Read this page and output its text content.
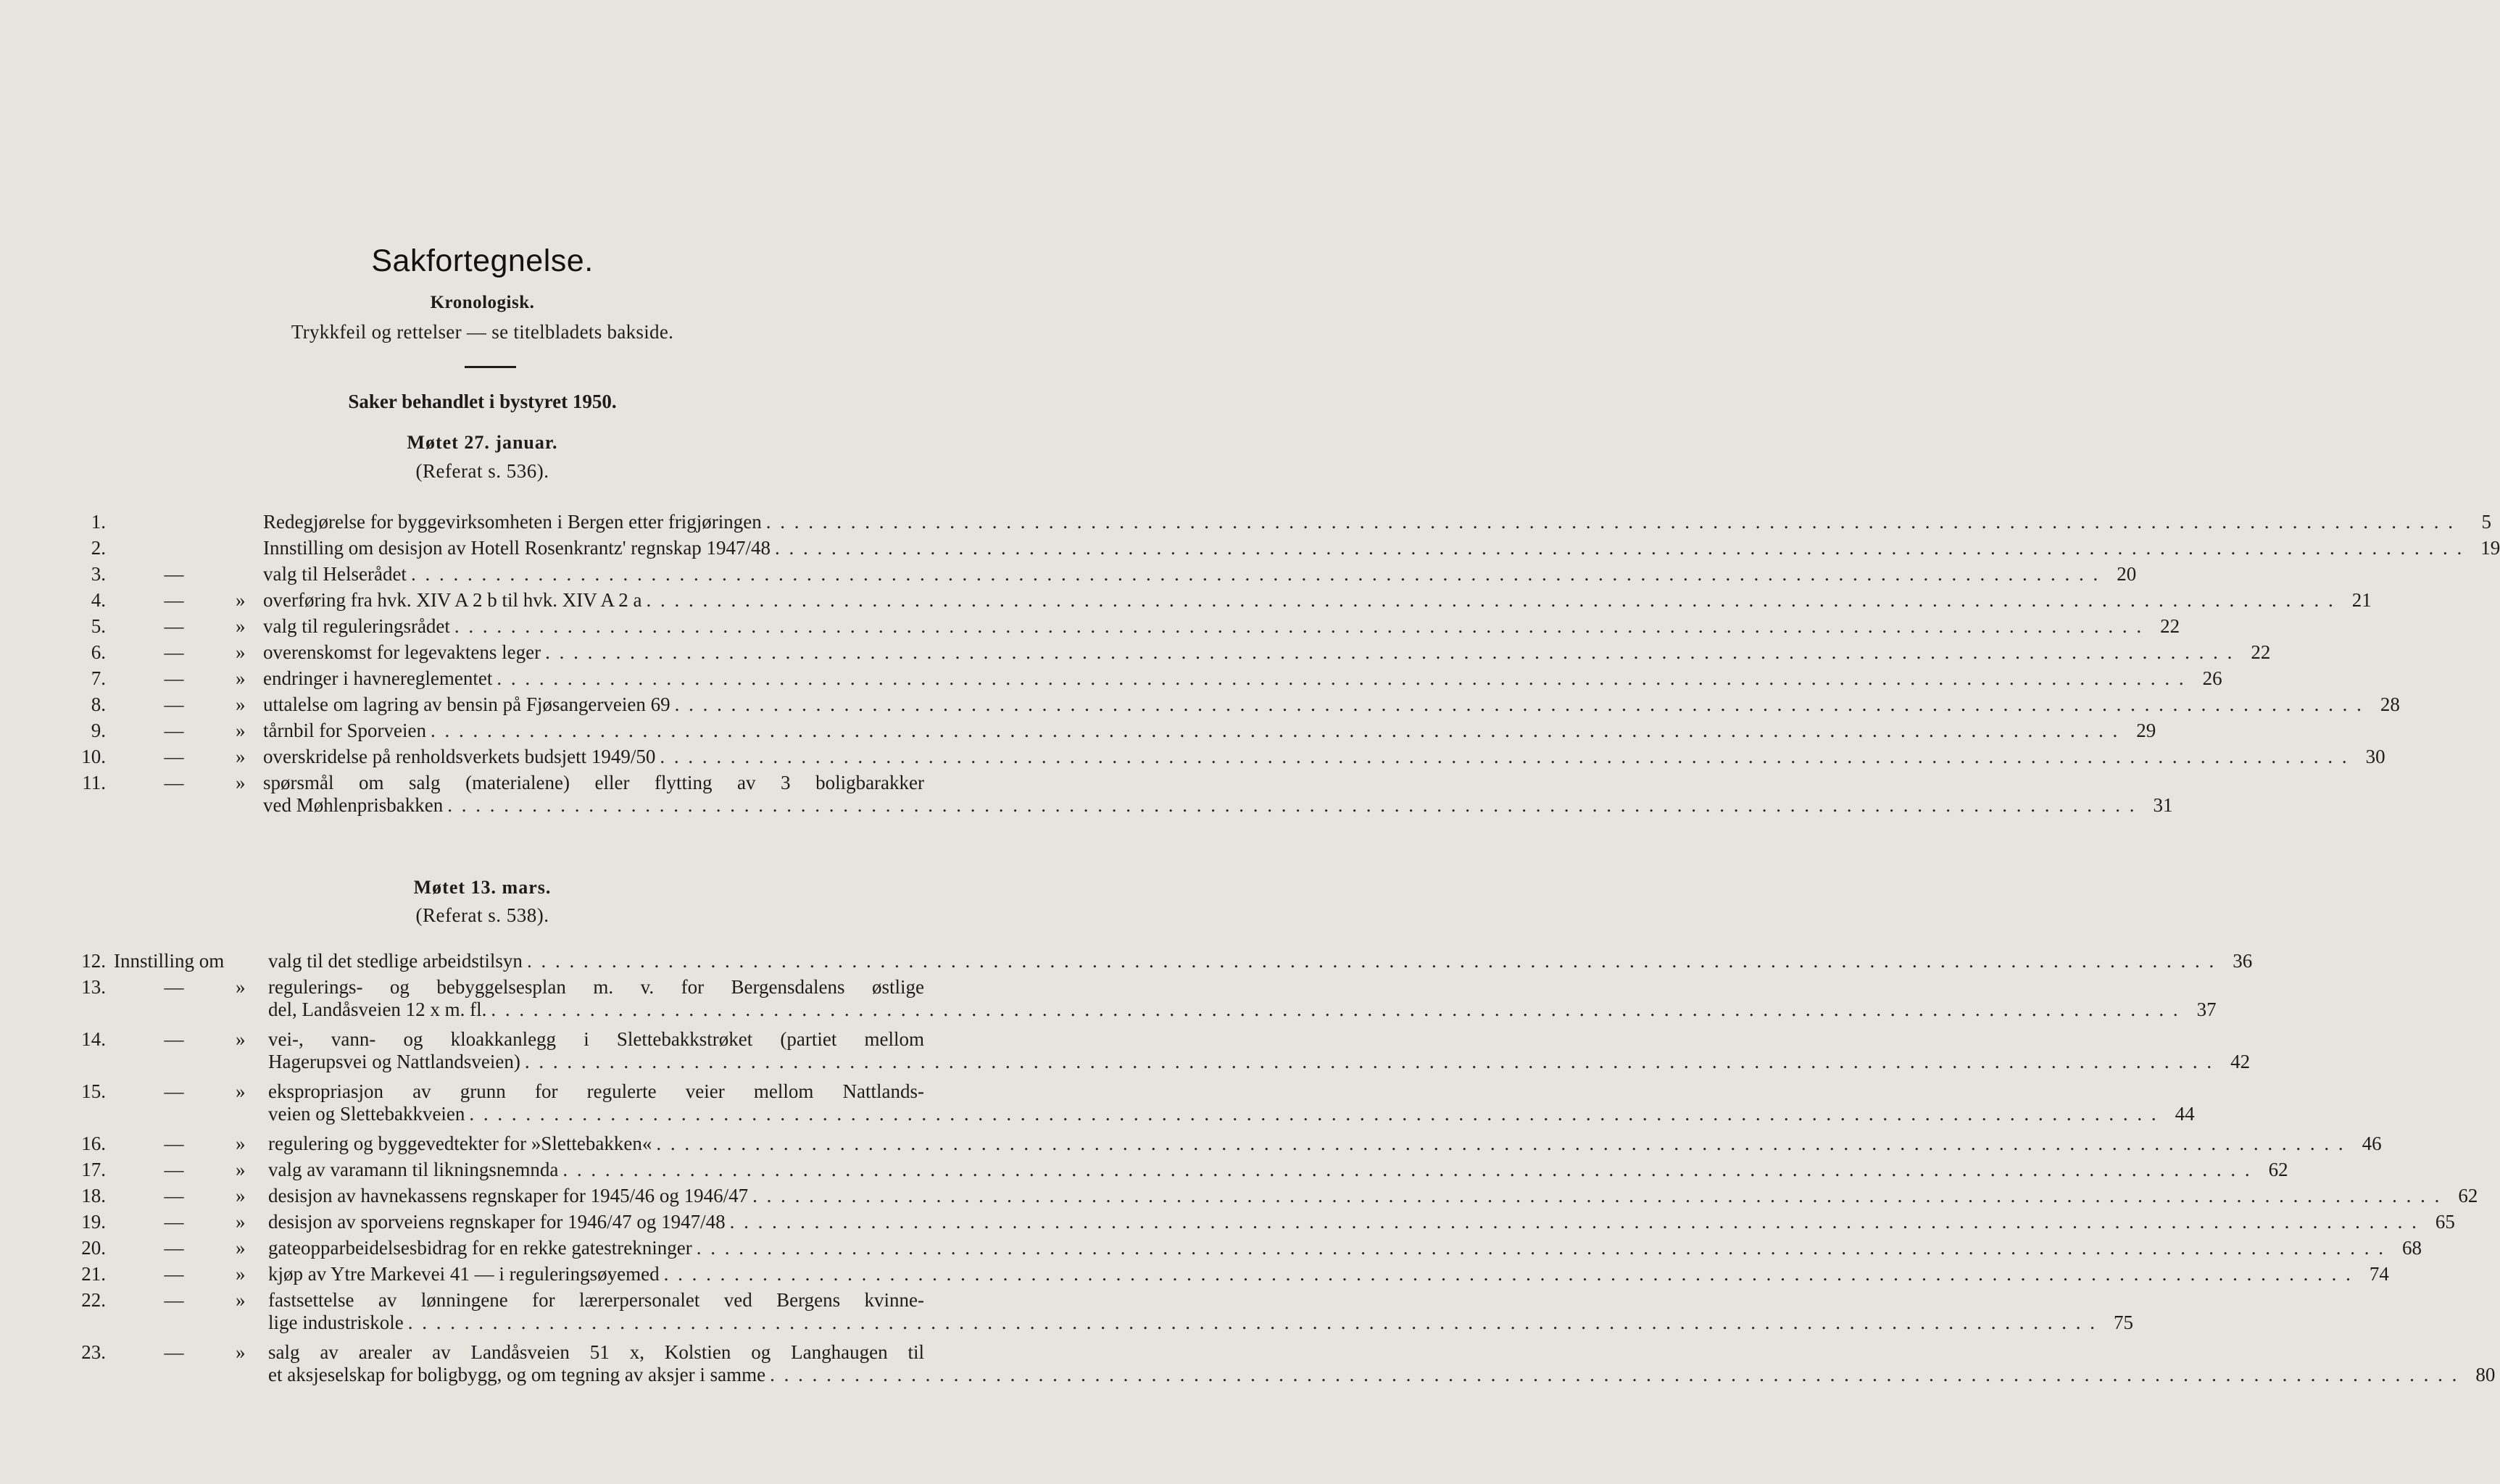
Sakfortegnelse.
Kronologisk.
Trykkfeil og rettelser — se titelbladets bakside.
Saker behandlet i bystyret 1950.
Møtet 27. januar.
(Referat s. 536).
Møtet 13. mars.
(Referat s. 538).
1.	Redegjørelse for byggevirksomheten i Bergen etter frigjøringen . . . . . . . . . . . . . . . . . . . . . . . . . . . . . . . . . . . . . . . . . . . . . . . . . . . . . . . . . . . . . . . . . . . . . . . . . . . . . . . . . . . . . . . . . . . . . . . . . . . . . . . . . . . . . . . . . . . . . . . .	5
2.	Innstilling om desisjon av Hotell Rosenkrantz' regnskap 1947/48 . . . . . . . . . . . . . . . . . . . . . . . . . . . . . . . . . . . . . . . . . . . . . . . . . . . . . . . . . . . . . . . . . . . . . . . . . . . . . . . . . . . . . . . . . . . . . . . . . . . . . . . . . . . . . . . . . . . . . . . . 19
3.	—	valg til Helserådet . . . . . . . . . . . . . . . . . . . . . . . . . . . . . . . . . . . . . . . . . . . . . . . . . . . . . . . . . . . . . . . . . . . . . . . . . . . . . . . . . . . . . . . . . . . . . . . . . . . . . . . . . . . . . . . . . . . . . . . . 20
4.	—	» overføring fra hvk. XIV A 2 b til hvk. XIV A 2 a . . . . . . . . . . . . . . . . . . . . . . . . . . . . . . . . . . . . . . . . . . . . . . . . . . . . . . . . . . . . . . . . . . . . . . . . . . . . . . . . . . . . . . . . . . . . . . . . . . . . . . . . . . . . . . . . . . . . . . . . 21
5.	—	» valg til reguleringsrådet . . . . . . . . . . . . . . . . . . . . . . . . . . . . . . . . . . . . . . . . . . . . . . . . . . . . . . . . . . . . . . . . . . . . . . . . . . . . . . . . . . . . . . . . . . . . . . . . . . . . . . . . . . . . . . . . . . . . . . . . 22
6.	—	» overenskomst for legevaktens leger . . . . . . . . . . . . . . . . . . . . . . . . . . . . . . . . . . . . . . . . . . . . . . . . . . . . . . . . . . . . . . . . . . . . . . . . . . . . . . . . . . . . . . . . . . . . . . . . . . . . . . . . . . . . . . . . . . . . . . . . 22
7.	—	» endringer i havnereglementet . . . . . . . . . . . . . . . . . . . . . . . . . . . . . . . . . . . . . . . . . . . . . . . . . . . . . . . . . . . . . . . . . . . . . . . . . . . . . . . . . . . . . . . . . . . . . . . . . . . . . . . . . . . . . . . . . . . . . . . . 26
8.	—	» uttalelse om lagring av bensin på Fjøsangerveien 69 . . . . . . . . . . . . . . . . . . . . . . . . . . . . . . . . . . . . . . . . . . . . . . . . . . . . . . . . . . . . . . . . . . . . . . . . . . . . . . . . . . . . . . . . . . . . . . . . . . . . . . . . . . . . . . . . . . . . . . . . 28
9.	—	» tårnbil for Sporveien . . . . . . . . . . . . . . . . . . . . . . . . . . . . . . . . . . . . . . . . . . . . . . . . . . . . . . . . . . . . . . . . . . . . . . . . . . . . . . . . . . . . . . . . . . . . . . . . . . . . . . . . . . . . . . . . . . . . . . . . 29
10.	—	» overskridelse på renholdsverkets budsjett 1949/50 . . . . . . . . . . . . . . . . . . . . . . . . . . . . . . . . . . . . . . . . . . . . . . . . . . . . . . . . . . . . . . . . . . . . . . . . . . . . . . . . . . . . . . . . . . . . . . . . . . . . . . . . . . . . . . . . . . . . . . . . 30
11.	—	» spørsmål om salg (materialene) eller flytting av 3 boligbarakker
ved Møhlenprisbakken . . . . . . . . . . . . . . . . . . . . . . . . . . . . . . . . . . . . . . . . . . . . . . . . . . . . . . . . . . . . . . . . . . . . . . . . . . . . . . . . . . . . . . . . . . . . . . . . . . . . . . . . . . . . . . . . . . . . . . . . 31
12. Innstilling om valg til det stedlige arbeidstilsyn . . . . . . . . . . . . . . . . . . . . . . . . . . . . . . . . . . . . . . . . . . . . . . . . . . . . . . . . . . . . . . . . . . . . . . . . . . . . . . . . . . . . . . . . . . . . . . . . . . . . . . . . . . . . . . . . . . . . . . . . 36
13.	—	» regulerings- og bebyggelsesplan m. v. for Bergensdalens østlige
del, Landåsveien 12 x m. fl. . . . . . . . . . . . . . . . . . . . . . . . . . . . . . . . . . . . . . . . . . . . . . . . . . . . . . . . . . . . . . . . . . . . . . . . . . . . . . . . . . . . . . . . . . . . . . . . . . . . . . . . . . . . . . . . . . . . . . . . . 37
14.	—	» vei-, vann- og kloakkanlegg i Slettebakkstrøket (partiet mellom
Hagerupsvei og Nattlandsveien) . . . . . . . . . . . . . . . . . . . . . . . . . . . . . . . . . . . . . . . . . . . . . . . . . . . . . . . . . . . . . . . . . . . . . . . . . . . . . . . . . . . . . . . . . . . . . . . . . . . . . . . . . . . . . . . . . . . . . . . . 42
15.	—	» ekspropriasjon av grunn for regulerte veier mellom Nattlands-
veien og Slettebakkveien . . . . . . . . . . . . . . . . . . . . . . . . . . . . . . . . . . . . . . . . . . . . . . . . . . . . . . . . . . . . . . . . . . . . . . . . . . . . . . . . . . . . . . . . . . . . . . . . . . . . . . . . . . . . . . . . . . . . . . . . 44
16.	—	» regulering og byggevedtekter for »Slettebakken« . . . . . . . . . . . . . . . . . . . . . . . . . . . . . . . . . . . . . . . . . . . . . . . . . . . . . . . . . . . . . . . . . . . . . . . . . . . . . . . . . . . . . . . . . . . . . . . . . . . . . . . . . . . . . . . . . . . . . . . . 46
17.	—	» valg av varamann til likningsnemnda . . . . . . . . . . . . . . . . . . . . . . . . . . . . . . . . . . . . . . . . . . . . . . . . . . . . . . . . . . . . . . . . . . . . . . . . . . . . . . . . . . . . . . . . . . . . . . . . . . . . . . . . . . . . . . . . . . . . . . . . 62
18.	—	» desisjon av havnekassens regnskaper for 1945/46 og 1946/47 . . . . . . . . . . . . . . . . . . . . . . . . . . . . . . . . . . . . . . . . . . . . . . . . . . . . . . . . . . . . . . . . . . . . . . . . . . . . . . . . . . . . . . . . . . . . . . . . . . . . . . . . . . . . . . . . . . . . . . . . 62
19.	—	» desisjon av sporveiens regnskaper for 1946/47 og 1947/48 . . . . . . . . . . . . . . . . . . . . . . . . . . . . . . . . . . . . . . . . . . . . . . . . . . . . . . . . . . . . . . . . . . . . . . . . . . . . . . . . . . . . . . . . . . . . . . . . . . . . . . . . . . . . . . . . . . . . . . . . 65
20.	—	» gateopparbeidelsesbidrag for en rekke gatestrekninger . . . . . . . . . . . . . . . . . . . . . . . . . . . . . . . . . . . . . . . . . . . . . . . . . . . . . . . . . . . . . . . . . . . . . . . . . . . . . . . . . . . . . . . . . . . . . . . . . . . . . . . . . . . . . . . . . . . . . . . . 68
21.	—	» kjøp av Ytre Markevei 41 — i reguleringsøyemed . . . . . . . . . . . . . . . . . . . . . . . . . . . . . . . . . . . . . . . . . . . . . . . . . . . . . . . . . . . . . . . . . . . . . . . . . . . . . . . . . . . . . . . . . . . . . . . . . . . . . . . . . . . . . . . . . . . . . . . . 74
22.	—	» fastsettelse av lønningene for lærerpersonalet ved Bergens kvinne-
lige industriskole . . . . . . . . . . . . . . . . . . . . . . . . . . . . . . . . . . . . . . . . . . . . . . . . . . . . . . . . . . . . . . . . . . . . . . . . . . . . . . . . . . . . . . . . . . . . . . . . . . . . . . . . . . . . . . . . . . . . . . . . 75
23.	—	» salg av arealer av Landåsveien 51 x, Kolstien og Langhaugen til
et aksjeselskap for boligbygg, og om tegning av aksjer i samme . . . . . . . . . . . . . . . . . . . . . . . . . . . . . . . . . . . . . . . . . . . . . . . . . . . . . . . . . . . . . . . . . . . . . . . . . . . . . . . . . . . . . . . . . . . . . . . . . . . . . . . . . . . . . . . . . . . . . . . . 80
